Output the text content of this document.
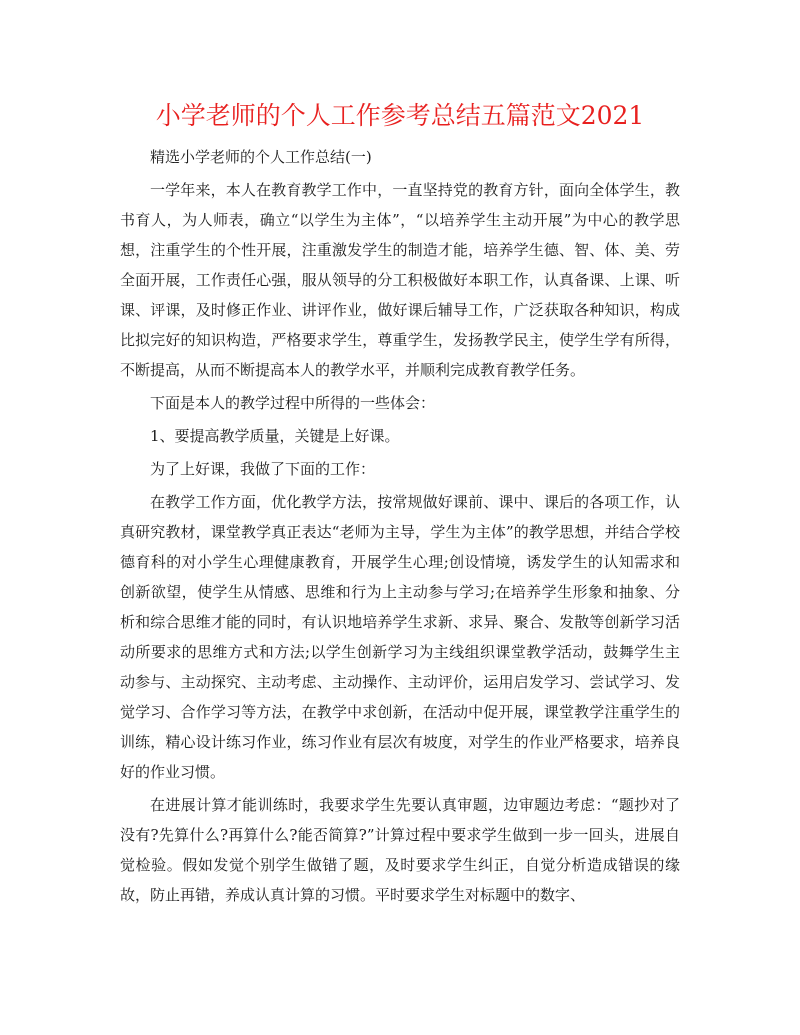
小学老师的个人工作参考总结五篇范文2021

精选小学老师的个人工作总结(一)

一学年来，本人在教育教学工作中，一直坚持党的教育方针，面向全体学生，教书育人，为人师表，确立“以学生为主体”，“以培养学生主动开展”为中心的教学思想，注重学生的个性开展，注重激发学生的制造才能，培养学生德、智、体、美、劳全面开展，工作责任心强，服从领导的分工积极做好本职工作，认真备课、上课、听课、评课，及时修正作业、讲评作业，做好课后辅导工作，广泛获取各种知识，构成比拟完好的知识构造，严格要求学生，尊重学生，发扬教学民主，使学生学有所得，不断提高，从而不断提高本人的教学水平，并顺利完成教育教学任务。

下面是本人的教学过程中所得的一些体会：

1、要提高教学质量，关键是上好课。

为了上好课，我做了下面的工作：

在教学工作方面，优化教学方法，按常规做好课前、课中、课后的各项工作，认真研究教材，课堂教学真正表达“老师为主导，学生为主体”的教学思想，并结合学校德育科的对小学生心理健康教育，开展学生心理;创设情境，诱发学生的认知需求和创新欲望，使学生从情感、思维和行为上主动参与学习;在培养学生形象和抽象、分析和综合思维才能的同时，有认识地培养学生求新、求异、聚合、发散等创新学习活动所要求的思维方式和方法;以学生创新学习为主线组织课堂教学活动，鼓舞学生主动参与、主动探究、主动考虑、主动操作、主动评价，运用启发学习、尝试学习、发觉学习、合作学习等方法，在教学中求创新，在活动中促开展，课堂教学注重学生的训练，精心设计练习作业，练习作业有层次有坡度，对学生的作业严格要求，培养良好的作业习惯。

在进展计算才能训练时，我要求学生先要认真审题，边审题边考虑：“题抄对了没有?先算什么?再算什么?能否简算?”计算过程中要求学生做到一步一回头，进展自觉检验。假如发觉个别学生做错了题，及时要求学生纠正，自觉分析造成错误的缘故，防止再错，养成认真计算的习惯。平时要求学生对标题中的数字、
